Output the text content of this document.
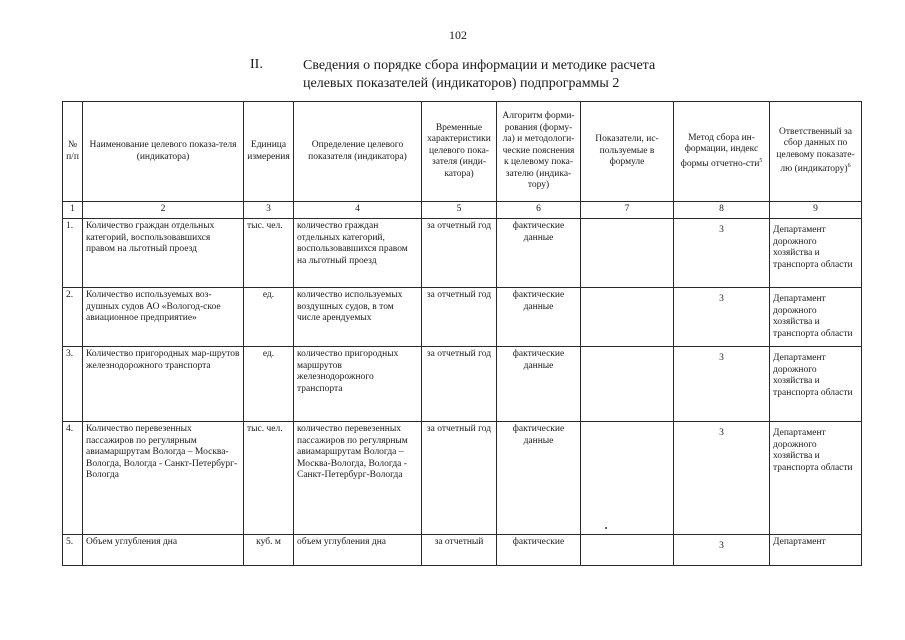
102
II.	Сведения о порядке сбора информации и методике расчета
целевых показателей (индикаторов) подпрограммы 2
№ п/п	Наименование целевого показа-теля (индикатора)	Единица измерения	Определение целевого показателя (индикатора)	Временные характеристики целевого пока-зателя (инди-катора)	Алгоритм форми-рования (форму-ла) и методологи-ческие пояснения к целевому пока-зателю (индика-тору)	Показатели, ис-пользуемые в формуле	Метод сбора ин-формации, индекс формы отчетно-сти$^5$	Ответственный за сбор данных по целевому показате-лю (индикатору)$^6$
1	2	3	4	5	6	7	8	9
1.	Количество граждан отдельных категорий, воспользовавшихся правом на льготный проезд	тыс. чел.	количество граждан отдельных категорий, воспользовавшихся правом на льготный проезд	за отчетный год	фактические данные		3	Департамент дорожного хозяйства и транспорта области
2.	Количество используемых воз-душных судов АО «Вологод-ское авиационное предприятие»	ед.	количество используемых воздушных судов, в том числе арендуемых	за отчетный год	фактические данные		3	Департамент дорожного хозяйства и транспорта области
3.	Количество пригородных мар-шрутов железнодорожного транспорта	ед.	количество пригородных маршрутов железнодорожного транспорта	за отчетный год	фактические данные		3	Департамент дорожного хозяйства и транспорта области
4.	Количество перевезенных пассажиров по регулярным авиамаршрутам Вологда – Москва-Вологда, Вологда - Санкт-Петербург-Вологда	тыс. чел.	количество перевезенных пассажиров по регулярным авиамаршрутам Вологда – Москва-Вологда, Вологда - Санкт-Петербург-Вологда	за отчетный год	фактические данные		3	Департамент дорожного хозяйства и транспорта области
5.	Объем углубления дна	куб. м	объем углубления дна	за отчетный	фактические		3	Департамент
